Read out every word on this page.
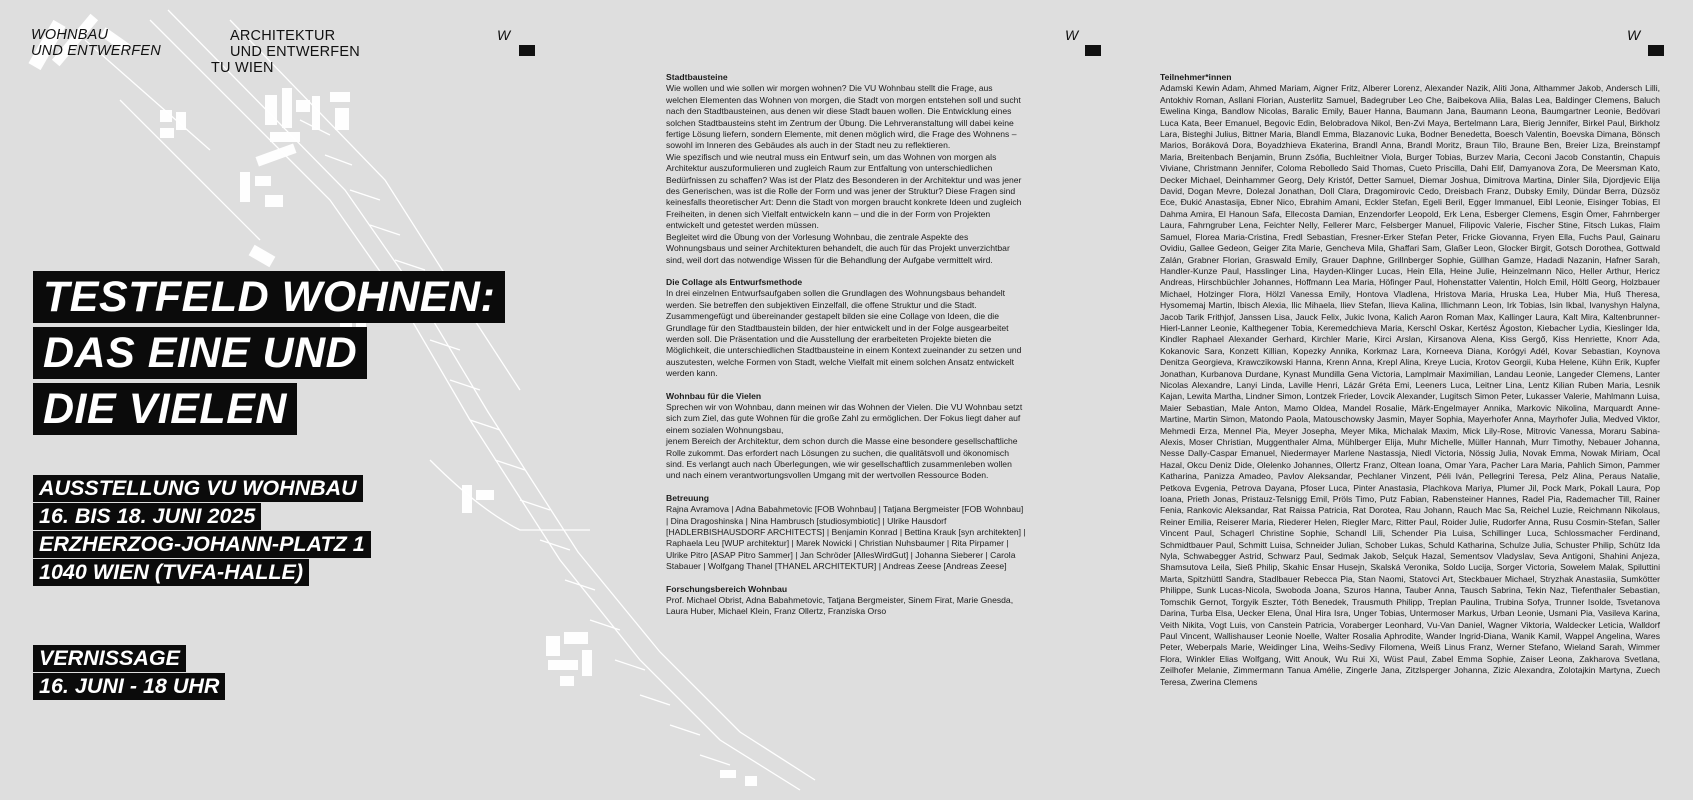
WOHNBAU
UND ENTWERFEN
ARCHITEKTUR
UND ENTWERFEN
TU WIEN
W	W	W
TESTFELD WOHNEN:
DAS EINE UND
DIE VIELEN
AUSSTELLUNG VU WOHNBAU
16. BIS 18. JUNI 2025
ERZHERZOG-JOHANN-PLATZ 1
1040 WIEN (TVFA-HALLE)
VERNISSAGE
16. JUNI - 18 UHR
Stadtbausteine

Wie wollen und wie sollen wir morgen wohnen? Die VU Wohnbau stellt die Frage, aus welchen Elementen das Wohnen von morgen, die Stadt von morgen entstehen soll und sucht nach den Stadtbausteinen, aus denen wir diese Stadt bauen wollen. Die Entwicklung eines solchen Stadtbausteins steht im Zentrum der Übung. Die Lehrveranstaltung will dabei keine fertige Lösung liefern, sondern Elemente, mit denen möglich wird, die Frage des Wohnens – sowohl im Inneren des Gebäudes als auch in der Stadt neu zu reflektieren.
Wie spezifisch und wie neutral muss ein Entwurf sein, um das Wohnen von morgen als Architektur auszuformulieren und zugleich Raum zur Entfaltung von unterschiedlichen Bedürfnissen zu schaffen? Was ist der Platz des Besonderen in der Architektur und was jener des Generischen, was ist die Rolle der Form und was jener der Struktur? Diese Fragen sind keinesfalls theoretischer Art: Denn die Stadt von morgen braucht konkrete Ideen und zugleich Freiheiten, in denen sich Vielfalt entwickeln kann – und die in der Form von Projekten entwickelt und getestet werden müssen.
Begleitet wird die Übung von der Vorlesung Wohnbau, die zentrale Aspekte des Wohnungsbaus und seiner Architekturen behandelt, die auch für das Projekt unverzichtbar sind, weil dort das notwendige Wissen für die Behandlung der Aufgabe vermittelt wird.

Die Collage als Entwurfsmethode

In drei einzelnen Entwurfsaufgaben sollen die Grundlagen des Wohnungsbaus behandelt werden. Sie betreffen den subjektiven Einzelfall, die offene Struktur und die Stadt. Zusammengefügt und übereinander gestapelt bilden sie eine Collage von Ideen, die die Grundlage für den Stadtbaustein bilden, der hier entwickelt und in der Folge ausgearbeitet werden soll. Die Präsentation und die Ausstellung der erarbeiteten Projekte bieten die Möglichkeit, die unterschiedlichen Stadtbausteine in einem Kontext zueinander zu setzen und auszutesten, welche Formen von Stadt, welche Vielfalt mit einem solchen Ansatz entwickelt werden kann.

Wohnbau für die Vielen

Sprechen wir von Wohnbau, dann meinen wir das Wohnen der Vielen. Die VU Wohnbau setzt sich zum Ziel, das gute Wohnen für die große Zahl zu ermöglichen. Der Fokus liegt daher auf einem sozialen Wohnungsbau,
jenem Bereich der Architektur, dem schon durch die Masse eine besondere gesellschaftliche Rolle zukommt. Das erfordert nach Lösungen zu suchen, die qualitätsvoll und ökonomisch sind. Es verlangt auch nach Überlegungen, wie wir gesellschaftlich zusammenleben wollen und nach einem verantwortungsvollen Umgang mit der wertvollen Ressource Boden.

Betreuung

Rajna Avramova | Adna Babahmetovic [FOB Wohnbau] | Tatjana Bergmeister [FOB Wohnbau] | Dina Dragoshinska | Nina Hambrusch [studiosymbiotic] | Ulrike Hausdorf [HADLERBISHAUSDORF ARCHITECTS] | Benjamin Konrad | Bettina Krauk [syn architekten] | Raphaela Leu [WUP architektur] | Marek Nowicki | Christian Nuhsbaumer | Rita Pirpamer | Ulrike Pitro [ASAP Pitro Sammer] | Jan Schröder [AllesWirdGut] | Johanna Sieberer | Carola Stabauer | Wolfgang Thanel [THANEL ARCHITEKTUR] | Andreas Zeese [Andreas Zeese]

Forschungsbereich Wohnbau

Prof. Michael Obrist, Adna Babahmetovic, Tatjana Bergmeister, Sinem Firat, Marie Gnesda, Laura Huber, Michael Klein, Franz Ollertz, Franziska Orso

Teilnehmer*innen

Adamski Kewin Adam, Ahmed Mariam, Aigner Fritz, Alberer Lorenz, Alexander Nazik, Aliti Jona, Althammer Jakob, Andersch Lilli, Antokhiv Roman, Asllani Florian, Austerlitz Samuel, Badegruber Leo Che, Baibekova Aliia, Balas Lea, Baldinger Clemens, Baluch Ewelina Kinga, Bandlow Nicolas, Baralic Emily, Bauer Hanna, Baumann Jana, Baumann Leona, Baumgartner Leonie, Bedövari Luca Kata, Beer Emanuel, Begovic Edin, Belobradova Nikol, Ben-Zvi Maya, Bertelmann Lara, Bierig Jennifer, Birkel Paul, Birkholz Lara, Bisteghi Julius, Bittner Maria, Blandl Emma, Blazanovic Luka, Bodner Benedetta, Boesch Valentin, Boevska Dimana, Bönsch Marios, Boráková Dora, Boyadzhieva Ekaterina, Brandl Anna, Brandl Moritz, Braun Tilo, Braune Ben, Breier Liza, Breinstampf Maria, Breitenbach Benjamin, Brunn Zsófia, Buchleitner Viola, Burger Tobias, Burzev Maria, Ceconi Jacob Constantin, Chapuis Viviane, Christmann Jennifer, Coloma Rebolledo Said Thomas, Cueto Priscilla, Dahi Elif, Damyanova Zora, De Meersman Kato, Decker Michael, Deinhammer Georg, Dely Kristóf, Detter Samuel, Diemar Joshua, Dimitrova Martina, Dinler Sila, Djordjevic Elija David, Dogan Mevre, Dolezal Jonathan, Doll Clara, Dragomirovic Cedo, Dreisbach Franz, Dubsky Emily, Dündar Berra, Düzsöz Ece, Đukić Anastasija, Ebner Nico, Ebrahim Amani, Eckler Stefan, Egeli Beril, Egger Immanuel, Eibl Leonie, Eisinger Tobias, El Dahma Amira, El Hanoun Safa, Ellecosta Damian, Enzendorfer Leopold, Erk Lena, Esberger Clemens, Esgin Ömer, Fahrnberger Laura, Fahrngruber Lena, Feichter Nelly, Fellerer Marc, Felsberger Manuel, Filipovic Valerie, Fischer Stine, Fitsch Lukas, Flaim Samuel, Florea Maria-Cristina, Fredl Sebastian, Fresner-Erker Stefan Peter, Fricke Giovanna, Fryen Ella, Fuchs Paul, Gainaru Ovidiu, Gallee Gedeon, Geiger Zita Marie, Gencheva Mila, Ghaffari Sam, Glaßer Leon, Glocker Birgit, Gotsch Dorothea, Gottwald Zalán, Grabner Florian, Graswald Emily, Grauer Daphne, Grillnberger Sophie, Güllhan Gamze, Hadadi Nazanin, Hafner Sarah, Handler-Kunze Paul, Hasslinger Lina, Hayden-Klinger Lucas, Hein Ella, Heine Julie, Heinzelmann Nico, Heller Arthur, Hericz Andreas, Hirschbüchler Johannes, Hoffmann Lea Maria, Höfinger Paul, Hohenstatter Valentin, Holch Emil, Höltl Georg, Holzbauer Michael, Holzinger Flora, Hölzl Vanessa Emily, Hontova Vladlena, Hristova Maria, Hruska Lea, Huber Mia, Huß Theresa, Hysomemaj Martin, Ibisch Alexia, Ilic Mihaela, Iliev Stefan, Ilieva Kalina, Illichmann Leon, Irk Tobias, Isin Ikbal, Ivanyshyn Halyna, Jacob Tarik Frithjof, Janssen Lisa, Jauck Felix, Jukic Ivona, Kalich Aaron Roman Max, Kallinger Laura, Kalt Mira, Kaltenbrunner-Hierl-Lanner Leonie, Kalthegener Tobia, Keremedchieva Maria, Kerschl Oskar, Kertész Ágoston, Kiebacher Lydia, Kieslinger Ida, Kindler Raphael Alexander Gerhard, Kirchler Marie, Kirci Arslan, Kirsanova Alena, Kiss Gergő, Kiss Henriette, Knorr Ada, Kokanovic Sara, Konzett Killian, Kopezky Annika, Korkmaz Lara, Korneeva Diana, Korógyi Adél, Kovar Sebastian, Koynova Denitza Georgieva, Krawczikowski Hanna, Krenn Anna, Krepl Alina, Kreye Lucia, Krotov Georgii, Kuba Helene, Kühn Erik, Kupfer Jonathan, Kurbanova Durdane, Kynast Mundilla Gena Victoria, Lamplmair Maximilian, Landau Leonie, Langeder Clemens, Lanter Nicolas Alexandre, Lanyi Linda, Laville Henri, Lázár Gréta Emi, Leeners Luca, Leitner Lina, Lentz Kilian Ruben Maria, Lesnik Kajan, Lewita Martha, Lindner Simon, Lontzek Frieder, Lovcik Alexander, Lugitsch Simon Peter, Lukasser Valerie, Mahlmann Luisa, Maier Sebastian, Male Anton, Mamo Oldea, Mandel Rosalie, Märk-Engelmayer Annika, Markovic Nikolina, Marquardt Anne-Martine, Martin Simon, Matondo Paola, Matouschowsky Jasmin, Mayer Sophia, Mayerhofer Anna, Mayrhofer Julia, Medved Viktor, Mehmedi Erza, Mennel Pia, Meyer Josepha, Meyer Mika, Michalak Maxim, Mick Lily-Rose, Mitrovic Vanessa, Moraru Sabina-Alexis, Moser Christian, Muggenthaler Alma, Mühlberger Elija, Muhr Michelle, Müller Hannah, Murr Timothy, Nebauer Johanna, Nesse Dally-Caspar Emanuel, Niedermayer Marlene Nastassja, Niedl Victoria, Nössig Julia, Novak Emma, Nowak Miriam, Öcal Hazal, Okcu Deniz Dide, Olelenko Johannes, Ollertz Franz, Oltean Ioana, Omar Yara, Pacher Lara Maria, Pahlich Simon, Pammer Katharina, Panizza Amadeo, Pavlov Aleksandar, Pechlaner Vinzent, Péli Iván, Pellegrini Teresa, Pelz Alina, Peraus Natalie, Petkova Evgenia, Petrova Dayana, Pfoser Luca, Pinter Anastasia, Plachkova Mariya, Plumer Jil, Pock Mark, Pokall Laura, Pop Ioana, Prieth Jonas, Pristauz-Telsnigg Emil, Pröls Timo, Putz Fabian, Rabensteiner Hannes, Radel Pia, Rademacher Till, Rainer Fenia, Rankovic Aleksandar, Rat Raissa Patricia, Rat Dorotea, Rau Johann, Rauch Mac Sa, Reichel Luzie, Reichmann Nikolaus, Reiner Emilia, Reiserer Maria, Riederer Helen, Riegler Marc, Ritter Paul, Roider Julie, Rudorfer Anna, Rusu Cosmin-Stefan, Saller Vincent Paul, Schagerl Christine Sophie, Schandl Lili, Schender Pia Luisa, Schillinger Luca, Schlossmacher Ferdinand, Schmidtbauer Paul, Schmitt Luisa, Schneider Julian, Schober Lukas, Schuld Katharina, Schulze Julia, Schuster Philip, Schütz Ida Nyla, Schwabegger Astrid, Schwarz Paul, Sedmak Jakob, Selçuk Hazal, Sementsov Vladyslav, Seva Antigoni, Shahini Anjeza, Shamsutova Leila, Sieß Philip, Skahic Ensar Husejn, Skalská Veronika, Soldo Lucija, Sorger Victoria, Sowelem Malak, Spiluttini Marta, Spitzhüttl Sandra, Stadlbauer Rebecca Pia, Stan Naomi, Statovci Art, Steckbauer Michael, Stryzhak Anastasiia, Sumkötter Philippe, Sunk Lucas-Nicola, Swoboda Joana, Szuros Hanna, Tauber Anna, Tausch Sabrina, Tekin Naz, Tiefenthaler Sebastian, Tomschik Gernot, Torgyik Eszter, Tóth Benedek, Trausmuth Philipp, Treplan Paulina, Trubina Sofya, Trunner Isolde, Tsvetanova Darina, Turba Elsa, Uecker Elena, Ünal Hira Isra, Unger Tobias, Untermoser Markus, Urban Leonie, Usmani Pia, Vasileva Karina, Veith Nikita, Vogt Luis, von Canstein Patricia, Voraberger Leonhard, Vu-Van Daniel, Wagner Viktoria, Waldecker Leticia, Walldorf Paul Vincent, Wallishauser Leonie Noelle, Walter Rosalia Aphrodite, Wander Ingrid-Diana, Wanik Kamil, Wappel Angelina, Wares Peter, Weberpals Marie, Weidinger Lina, Weihs-Sedivy Filomena, Weiß Linus Franz, Werner Stefano, Wieland Sarah, Wimmer Flora, Winkler Elias Wolfgang, Witt Anouk, Wu Rui Xi, Wüst Paul, Zabel Emma Sophie, Zaiser Leona, Zakharova Svetlana, Zeilhofer Melanie, Zimmermann Tanua Amélie, Zingerle Jana, Zitzlsperger Johanna, Zizic Alexandra, Zolotajkin Martyna, Zuech Teresa, Zwerina Clemens
